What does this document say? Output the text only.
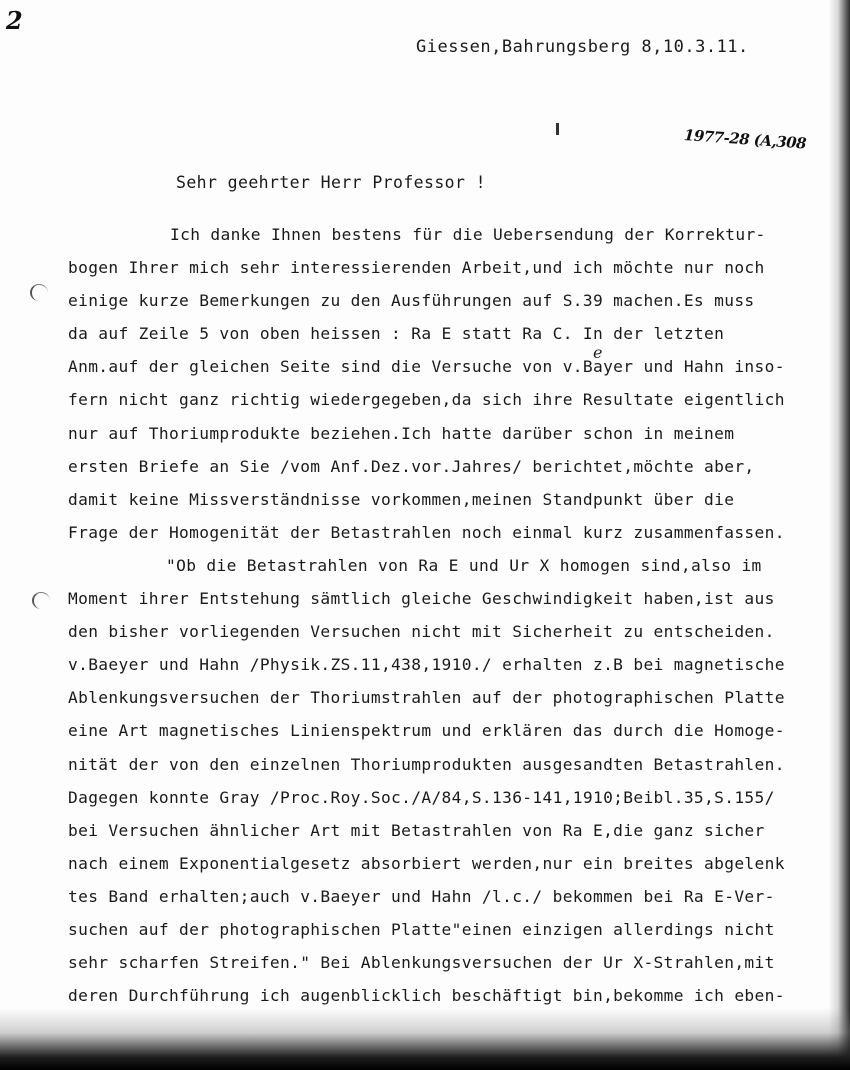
2
Giessen,Bahrungsberg 8,10.3.11.
1977-28 (A,308
Sehr geehrter Herr Professor !
e
Ich danke Ihnen bestens für die Uebersendung der Korrektur-
bogen Ihrer mich sehr interessierenden Arbeit,und ich möchte nur noch
einige kurze Bemerkungen zu den Ausführungen auf S.39 machen.Es muss
da auf Zeile 5 von oben heissen : Ra E statt Ra C. In der letzten
Anm.auf der gleichen Seite sind die Versuche von v.Bayer und Hahn inso-
fern nicht ganz richtig wiedergegeben,da sich ihre Resultate eigentlich
nur auf Thoriumprodukte beziehen.Ich hatte darüber schon in meinem
ersten Briefe an Sie /vom Anf.Dez.vor.Jahres/ berichtet,möchte aber,
damit keine Missverständnisse vorkommen,meinen Standpunkt über die
Frage der Homogenität der Betastrahlen noch einmal kurz zusammenfassen.
"Ob die Betastrahlen von Ra E und Ur X homogen sind,also im
Moment ihrer Entstehung sämtlich gleiche Geschwindigkeit haben,ist aus
den bisher vorliegenden Versuchen nicht mit Sicherheit zu entscheiden.
v.Baeyer und Hahn /Physik.ZS.11,438,1910./ erhalten z.B bei magnetische
Ablenkungsversuchen der Thoriumstrahlen auf der photographischen Platte
eine Art magnetisches Linienspektrum und erklären das durch die Homoge-
nität der von den einzelnen Thoriumprodukten ausgesandten Betastrahlen.
Dagegen konnte Gray /Proc.Roy.Soc./A/84,S.136-141,1910;Beibl.35,S.155/
bei Versuchen ähnlicher Art mit Betastrahlen von Ra E,die ganz sicher
nach einem Exponentialgesetz absorbiert werden,nur ein breites abgelenk
tes Band erhalten;auch v.Baeyer und Hahn /l.c./ bekommen bei Ra E-Ver-
suchen auf der photographischen Platte"einen einzigen allerdings nicht
sehr scharfen Streifen." Bei Ablenkungsversuchen der Ur X-Strahlen,mit
deren Durchführung ich augenblicklich beschäftigt bin,bekomme ich eben-
